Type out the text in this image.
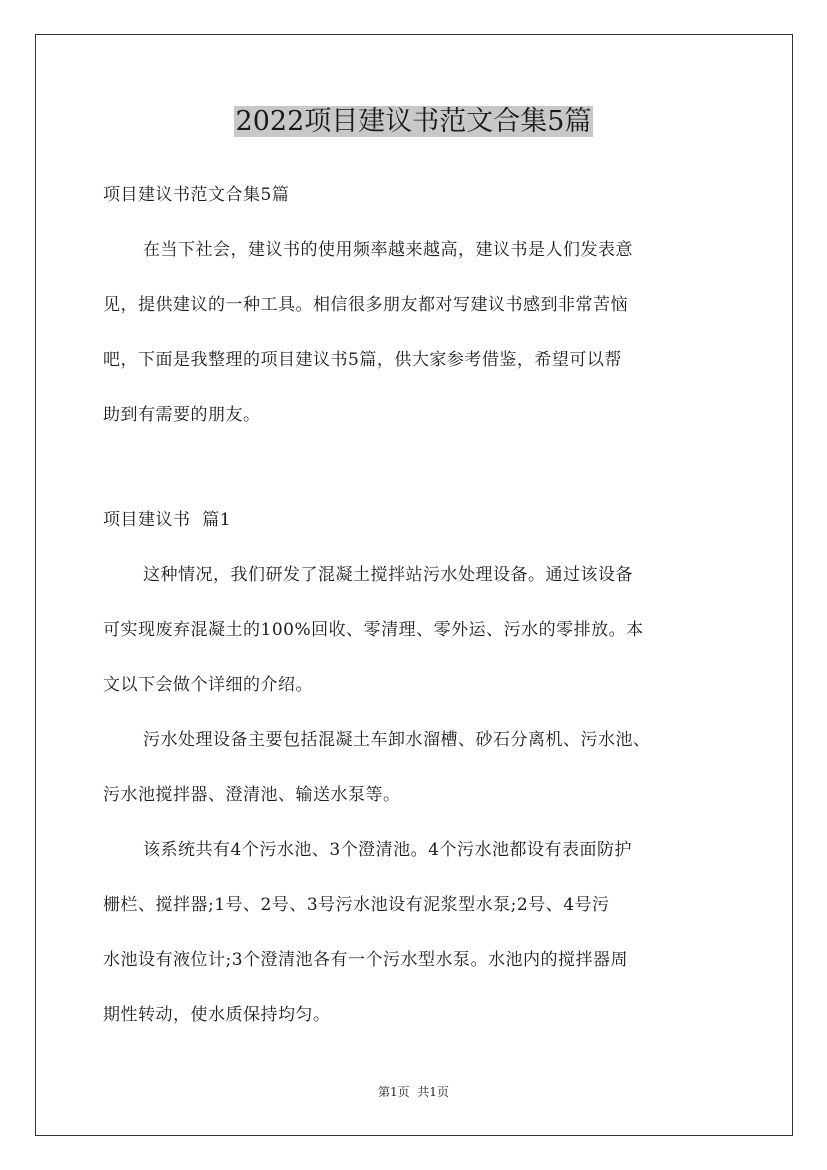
2022项目建议书范文合集5篇
项目建议书范文合集5篇
在当下社会，建议书的使用频率越来越高，建议书是人们发表意
见，提供建议的一种工具。相信很多朋友都对写建议书感到非常苦恼
吧，下面是我整理的项目建议书5篇，供大家参考借鉴，希望可以帮
助到有需要的朋友。
项目建议书  篇1
这种情况，我们研发了混凝土搅拌站污水处理设备。通过该设备
可实现废弃混凝土的100%回收、零清理、零外运、污水的零排放。本
文以下会做个详细的介绍。
污水处理设备主要包括混凝土车卸水溜槽、砂石分离机、污水池、
污水池搅拌器、澄清池、输送水泵等。
该系统共有4个污水池、3个澄清池。4个污水池都设有表面防护
栅栏、搅拌器;1号、2号、3号污水池设有泥浆型水泵;2号、4号污
水池设有液位计;3个澄清池各有一个污水型水泵。水池内的搅拌器周
期性转动，使水质保持均匀。
第1页  共1页
